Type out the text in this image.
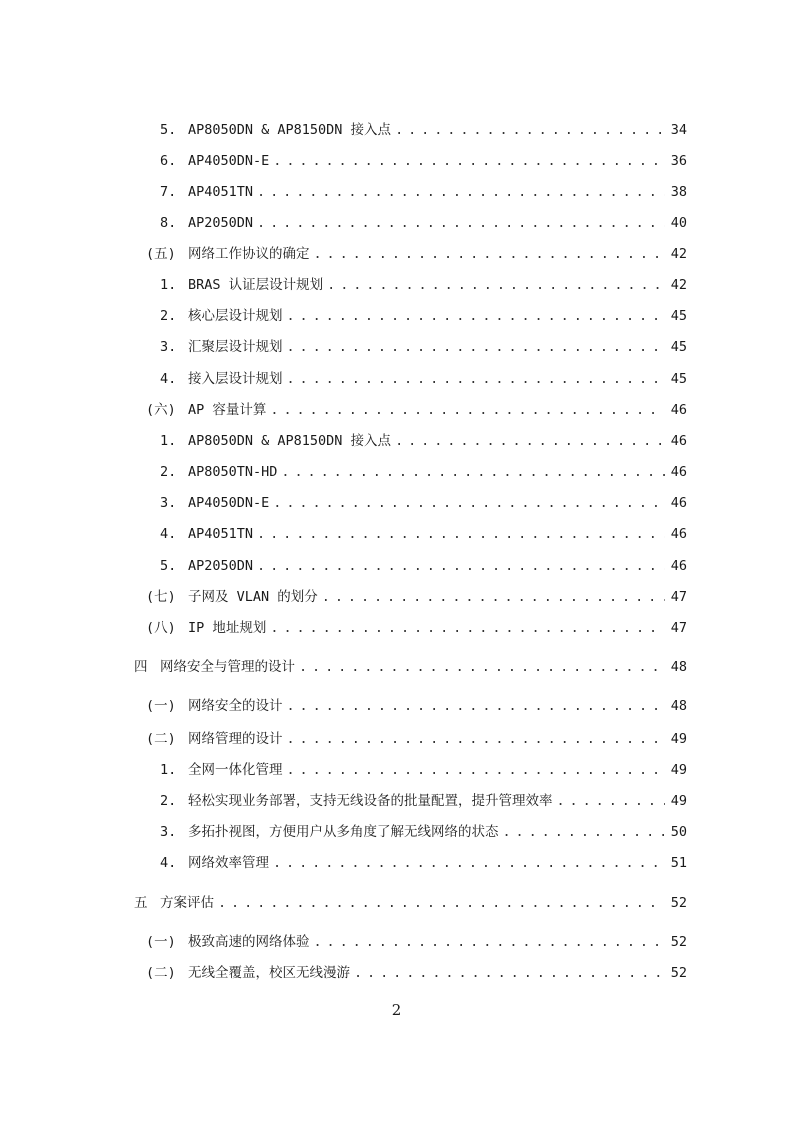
5. AP8050DN & AP8150DN 接入点 . . .	34
6. AP4050DN-E . . .	36
7. AP4051TN . . .	38
8. AP2050DN . . .	40
(五) 网络工作协议的确定 . . .	42
1. BRAS 认证层设计规划 . . .	42
2. 核心层设计规划 . . .	45
3. 汇聚层设计规划 . . .	45
4. 接入层设计规划 . . .	45
(六) AP 容量计算 . . .	46
1. AP8050DN & AP8150DN 接入点 . . .	46
2. AP8050TN-HD . . .	46
3. AP4050DN-E . . .	46
4. AP4051TN . . .	46
5. AP2050DN . . .	46
(七) 子网及 VLAN 的划分 . . .	47
(八) IP 地址规划 . . .	47
四 网络安全与管理的设计 . . .	48
(一) 网络安全的设计 . . .	48
(二) 网络管理的设计 . . .	49
1. 全网一体化管理 . . .	49
2. 轻松实现业务部署，支持无线设备的批量配置，提升管理效率 . . .	49
3. 多拓扑视图，方便用户从多角度了解无线网络的状态 . . .	50
4. 网络效率管理 . . .	51
五 方案评估 . . .	52
(一) 极致高速的网络体验 . . .	52
(二) 无线全覆盖，校区无线漫游 . . .	52
2
